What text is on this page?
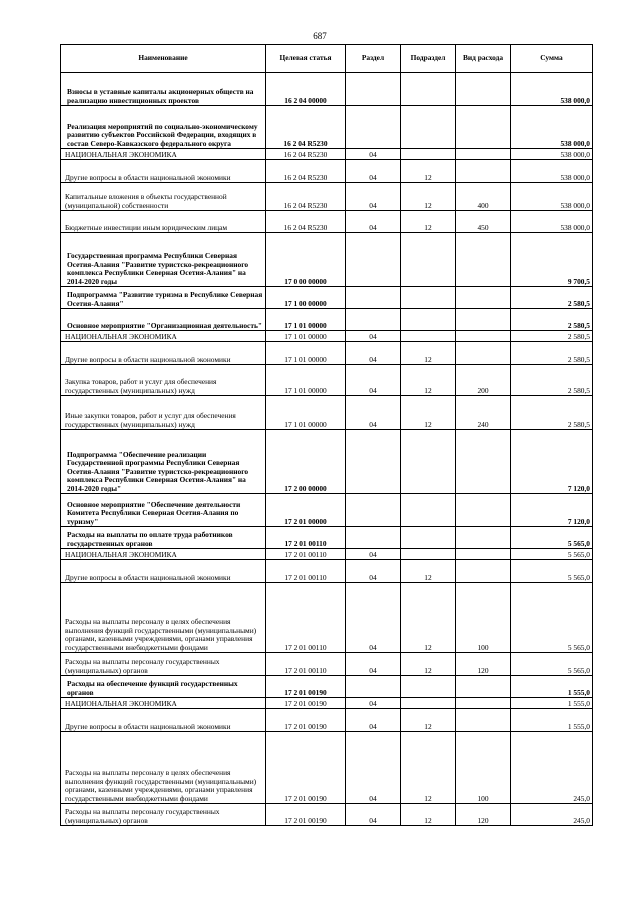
687
Наименование	Целевая статья	Раздел	Подраздел	Вид расхода	Сумма
Взносы в уставные капиталы акционерных обществ на реализацию инвестиционных проектов	16 2 04 00000				538 000,0
Реализация мероприятий по социально-экономическому развитию субъектов Российской Федерации, входящих в состав Северо-Кавказского федерального округа	16 2 04 R5230				538 000,0
НАЦИОНАЛЬНАЯ ЭКОНОМИКА	16 2 04 R5230	04			538 000,0
Другие вопросы в области национальной экономики	16 2 04 R5230	04	12		538 000,0
Капитальные вложения в объекты государственной (муниципальной) собственности	16 2 04 R5230	04	12	400	538 000,0
Бюджетные инвестиции иным юридическим лицам	16 2 04 R5230	04	12	450	538 000,0
Государственная программа Республики Северная Осетия-Алания "Развитие туристско-рекреационного комплекса Республики Северная Осетия-Алания" на 2014-2020 годы	17 0 00 00000				9 700,5
Подпрограмма "Развитие туризма в Республике Северная Осетия-Алания"	17 1 00 00000				2 580,5
Основное мероприятие "Организационная деятельность"	17 1 01 00000				2 580,5
НАЦИОНАЛЬНАЯ ЭКОНОМИКА	17 1 01 00000	04			2 580,5
Другие вопросы в области национальной экономики	17 1 01 00000	04	12		2 580,5
Закупка товаров, работ и услуг для обеспечения государственных (муниципальных) нужд	17 1 01 00000	04	12	200	2 580,5
Иные закупки товаров, работ и услуг для обеспечения государственных (муниципальных) нужд	17 1 01 00000	04	12	240	2 580,5
Подпрограмма "Обеспечение реализации Государственной программы Республики Северная Осетия-Алания "Развитие туристско-рекреационного комплекса Республики Северная Осетия-Алания" на 2014-2020 годы"	17 2 00 00000				7 120,0
Основное мероприятие "Обеспечение деятельности Комитета Республики Северная Осетия-Алания по туризму"	17 2 01 00000				7 120,0
Расходы на выплаты по оплате труда работников государственных органов	17 2 01 00110				5 565,0
НАЦИОНАЛЬНАЯ ЭКОНОМИКА	17 2 01 00110	04			5 565,0
Другие вопросы в области национальной экономики	17 2 01 00110	04	12		5 565,0
Расходы на выплаты персоналу в целях обеспечения выполнения функций государственными (муниципальными) органами, казенными учреждениями, органами управления государственными внебюджетными фондами	17 2 01 00110	04	12	100	5 565,0
Расходы на выплаты персоналу государственных (муниципальных) органов	17 2 01 00110	04	12	120	5 565,0
Расходы на обеспечение функций государственных органов	17 2 01 00190				1 555,0
НАЦИОНАЛЬНАЯ ЭКОНОМИКА	17 2 01 00190	04			1 555,0
Другие вопросы в области национальной экономики	17 2 01 00190	04	12		1 555,0
Расходы на выплаты персоналу в целях обеспечения выполнения функций государственными (муниципальными) органами, казенными учреждениями, органами управления государственными внебюджетными фондами	17 2 01 00190	04	12	100	245,0
Расходы на выплаты персоналу государственных (муниципальных) органов	17 2 01 00190	04	12	120	245,0
